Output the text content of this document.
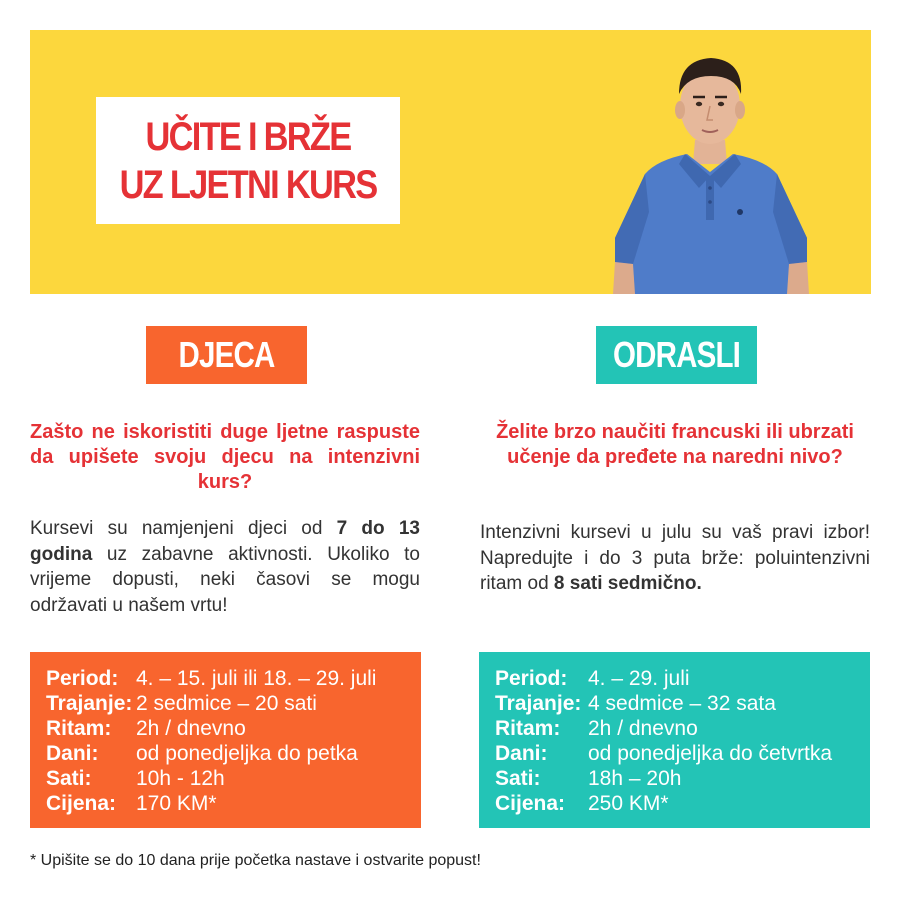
UČITE I BRŽE
UZ LJETNI KURS
DJECA	ODRASLI
Zašto ne iskoristiti duge ljetne raspuste da upišete svoju djecu na intenzivni kurs?
Želite brzo naučiti francuski ili ubrzati učenje da pređete na naredni nivo?
Kursevi su namjenjeni djeci od 7 do 13 godina uz zabavne aktivnosti. Ukoliko to vrijeme dopusti, neki časovi se mogu održavati u našem vrtu!
Intenzivni kursevi u julu su vaš pravi izbor! Napredujte i do 3 puta brže: poluintenzivni ritam od 8 sati sedmično.
Period: 4. – 15. juli ili 18. – 29. juli
Trajanje: 2 sedmice – 20 sati
Ritam: 2h / dnevno
Dani: od ponedjeljka do petka
Sati: 10h - 12h
Cijena: 170 KM*
Period: 4. – 29. juli
Trajanje: 4 sedmice – 32 sata
Ritam: 2h / dnevno
Dani: od ponedjeljka do četvrtka
Sati: 18h – 20h
Cijena: 250 KM*
* Upišite se do 10 dana prije početka nastave i ostvarite popust!
